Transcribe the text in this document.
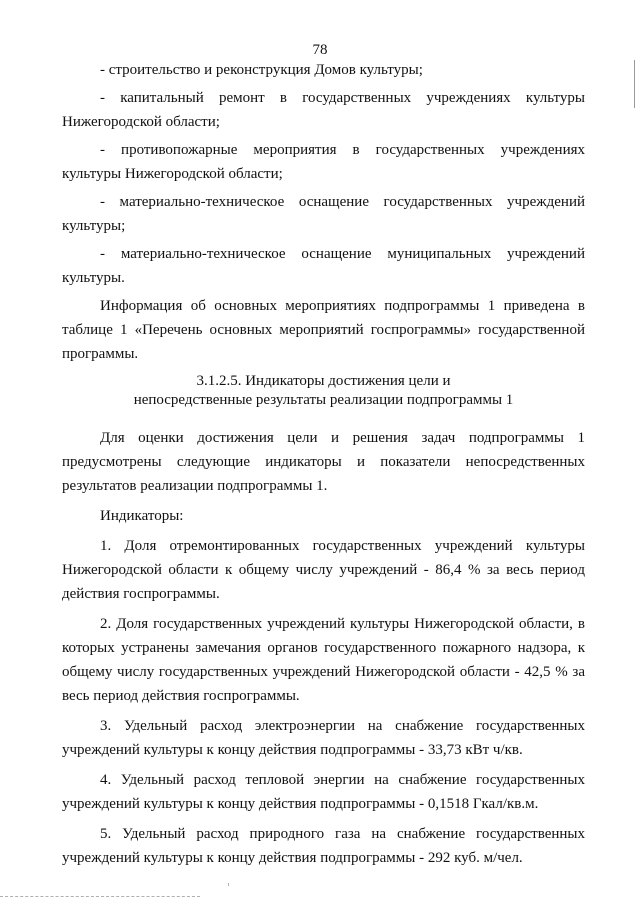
78

- строительство и реконструкция Домов культуры;

- капитальный ремонт в государственных учреждениях культуры Нижегородской области;

- противопожарные мероприятия в государственных учреждениях культуры Нижегородской области;

- материально-техническое оснащение государственных учреждений культуры;

- материально-техническое оснащение муниципальных учреждений культуры.

Информация об основных мероприятиях подпрограммы 1 приведена в таблице 1 «Перечень основных мероприятий госпрограммы» государственной программы.

3.1.2.5. Индикаторы достижения цели и
непосредственные результаты реализации подпрограммы 1

Для оценки достижения цели и решения задач подпрограммы 1 предусмотрены следующие индикаторы и показатели непосредственных результатов реализации подпрограммы 1.

Индикаторы:

1. Доля отремонтированных государственных учреждений культуры Нижегородской области к общему числу учреждений - 86,4 % за весь период действия госпрограммы.

2. Доля государственных учреждений культуры Нижегородской области, в которых устранены замечания органов государственного пожарного надзора, к общему числу государственных учреждений Нижегородской области - 42,5 % за весь период действия госпрограммы.

3. Удельный расход электроэнергии на снабжение государственных учреждений культуры к концу действия подпрограммы - 33,73 кВт ч/кв.

4. Удельный расход тепловой энергии на снабжение государственных учреждений культуры к концу действия подпрограммы - 0,1518 Гкал/кв.м.

5. Удельный расход природного газа на снабжение государственных учреждений культуры к концу действия подпрограммы - 292 куб. м/чел.
